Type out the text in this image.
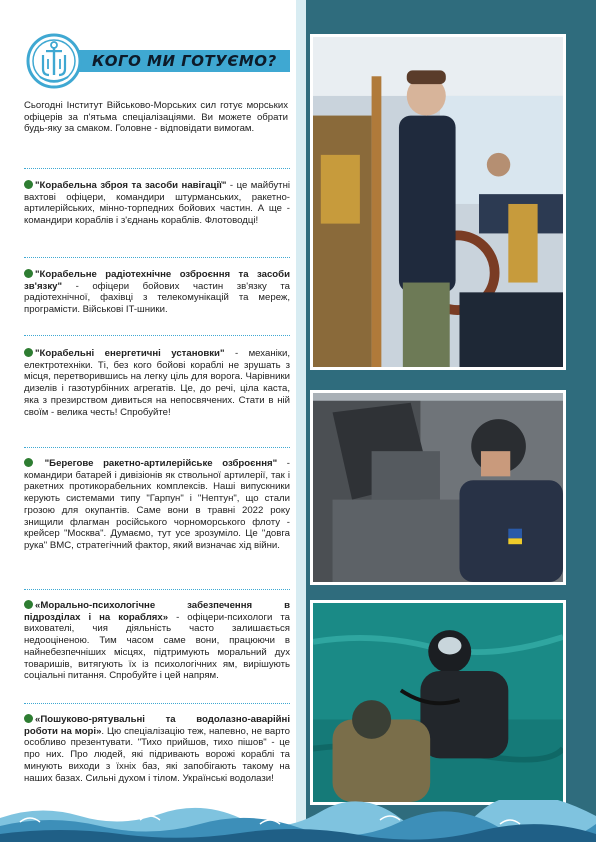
КОГО МИ ГОТУЄМО?
Сьогодні Інститут Військово-Морських сил готує морських офіцерів за п'ятьма спеціалізаціями. Ви можете обрати будь-яку за смаком. Головне - відповідати вимогам.
"Корабельна зброя та засоби навігації" - це майбутні вахтові офіцери, командири штурманських, ракетно-артилерійських, мінно-торпедних бойових частин. А ще - командири кораблів і з'єднань кораблів. Флотоводці!
"Корабельне радіотехнічне озброєння та засоби зв'язку" - офіцери бойових частин зв'язку та радіотехнічної, фахівці з телекомунікацій та мереж, програмісти. Військові IT-шники.
"Корабельні енергетичні установки" - механіки, електротехніки. Ті, без кого бойові кораблі не зрушать з місця, перетворившись на легку ціль для ворога. Чарівники дизелів і газотурбінних агрегатів. Це, до речі, ціла каста, яка з презирством дивиться на непосвячених. Стати в ній своїм - велика честь! Спробуйте!
"Берегове ракетно-артилерійське озброєння" - командири батарей і дивізіонів як ствольної артилерії, так і ракетних протикорабельних комплексів. Наші випускники керують системами типу "Гарпун" і "Нептун", що стали грозою для окупантів. Саме вони в травні 2022 року знищили флагман російського чорноморського флоту - крейсер "Москва". Думаємо, тут усе зрозуміло. Це "довга рука" ВМС, стратегічний фактор, який визначає хід війни.
«Морально-психологічне забезпечення в підрозділах і на кораблях» - офіцери-психологи та вихователі, чия діяльність часто залишається недооціненою. Тим часом саме вони, працюючи в найнебезпечніших місцях, підтримують моральний дух товаришів, витягують їх із психологічних ям, вирішують соціальні питання. Спробуйте і цей напрям.
«Пошуково-рятувальні та водолазно-аварійні роботи на морі». Цю спеціалізацію теж, напевно, не варто особливо презентувати. "Тихо прийшов, тихо пішов" - це про них. Про людей, які підривають ворожі кораблі та минують виходи з їхніх баз, які запобігають такому на наших базах. Сильні духом і тілом. Українські водолази!
